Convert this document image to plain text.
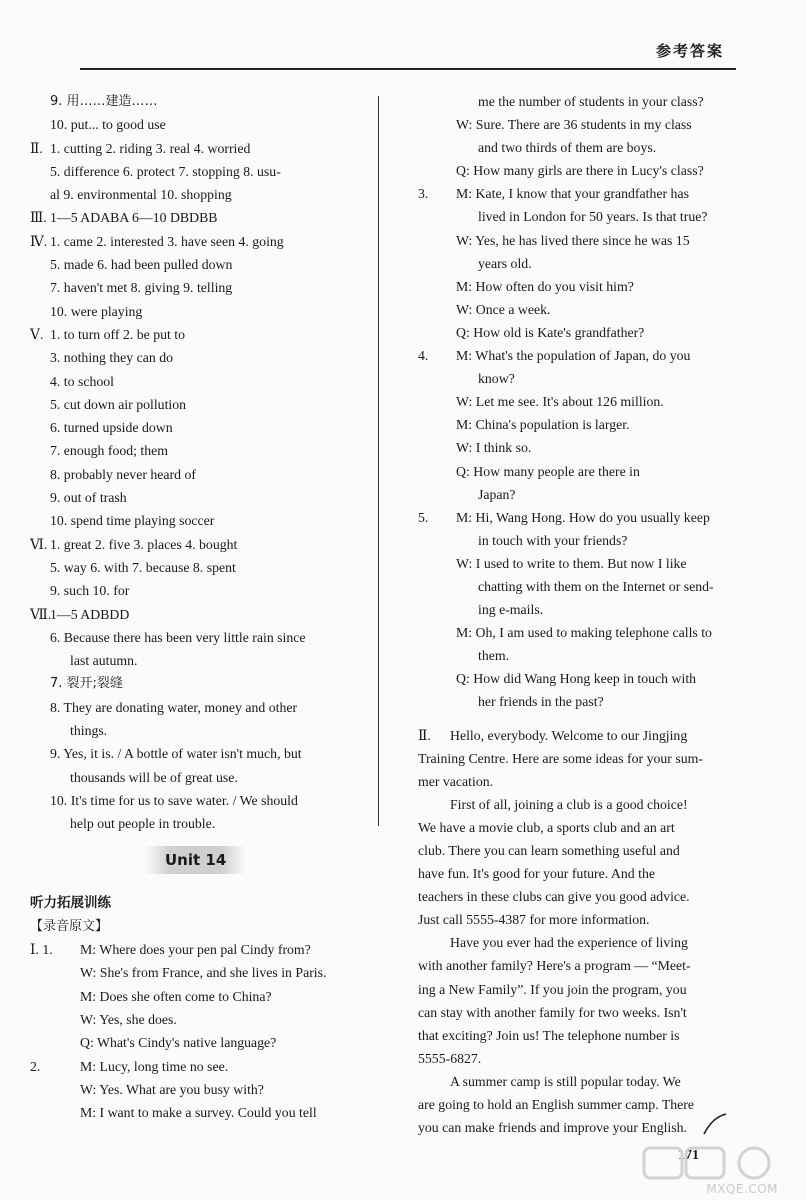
参考答案
9. 用……建造……
10. put... to good use
Ⅱ. 1. cutting 2. riding 3. real 4. worried
5. difference 6. protect 7. stopping 8. usu-
al 9. environmental 10. shopping
Ⅲ. 1—5 ADABA 6—10 DBDBB
Ⅳ. 1. came 2. interested 3. have seen 4. going
5. made 6. had been pulled down
7. haven't met 8. giving 9. telling
10. were playing
Ⅴ. 1. to turn off 2. be put to
3. nothing they can do
4. to school
5. cut down air pollution
6. turned upside down
7. enough food; them
8. probably never heard of
9. out of trash
10. spend time playing soccer
Ⅵ. 1. great 2. five 3. places 4. bought
5. way 6. with 7. because 8. spent
9. such 10. for
Ⅶ.
1—5 ADBDD
6. Because there has been very little rain since
last autumn.
7. 裂开;裂缝
8. They are donating water, money and other
things.
9. Yes, it is. / A bottle of water isn't much, but
thousands will be of great use.
10. It's time for us to save water. / We should
help out people in trouble.
Unit 14
听力拓展训练
【录音原文】
Ⅰ. 1. M: Where does your pen pal Cindy from?
W: She's from France, and she lives in Paris.
M: Does she often come to China?
W: Yes, she does.
Q: What's Cindy's native language?
2.	M: Lucy, long time no see.
W: Yes. What are you busy with?
M: I want to make a survey. Could you tell
me the number of students in your class?
W: Sure. There are 36 students in my class
and two thirds of them are boys.
Q: How many girls are there in Lucy's class?
3. M: Kate, I know that your grandfather has
lived in London for 50 years. Is that true?
W: Yes, he has lived there since he was 15
years old.
M: How often do you visit him?
W: Once a week.
Q: How old is Kate's grandfather?
4. M: What's the population of Japan, do you
know?
W: Let me see. It's about 126 million.
M: China's population is larger.
W: I think so.
Q: How many people are there in
Japan?
5. M: Hi, Wang Hong. How do you usually keep
in touch with your friends?
W: I used to write to them. But now I like
chatting with them on the Internet or send-
ing e-mails.
M: Oh, I am used to making telephone calls to
them.
Q: How did Wang Hong keep in touch with
her friends in the past?
Ⅱ.	Hello, everybody. Welcome to our Jingjing
Training Centre. Here are some ideas for your sum-
mer vacation.
First of all, joining a club is a good choice!
We have a movie club, a sports club and an art
club. There you can learn something useful and
have fun. It's good for your future. And the
teachers in these clubs can give you good advice.
Just call 5555-4387 for more information.
Have you ever had the experience of living
with another family? Here's a program — “Meet-
ing a New Family”. If you join the program, you
can stay with another family for two weeks. Isn't
that exciting? Join us! The telephone number is
5555-6827.
A summer camp is still popular today. We
are going to hold an English summer camp. There
you can make friends and improve your English.
171
MXQE.COM
